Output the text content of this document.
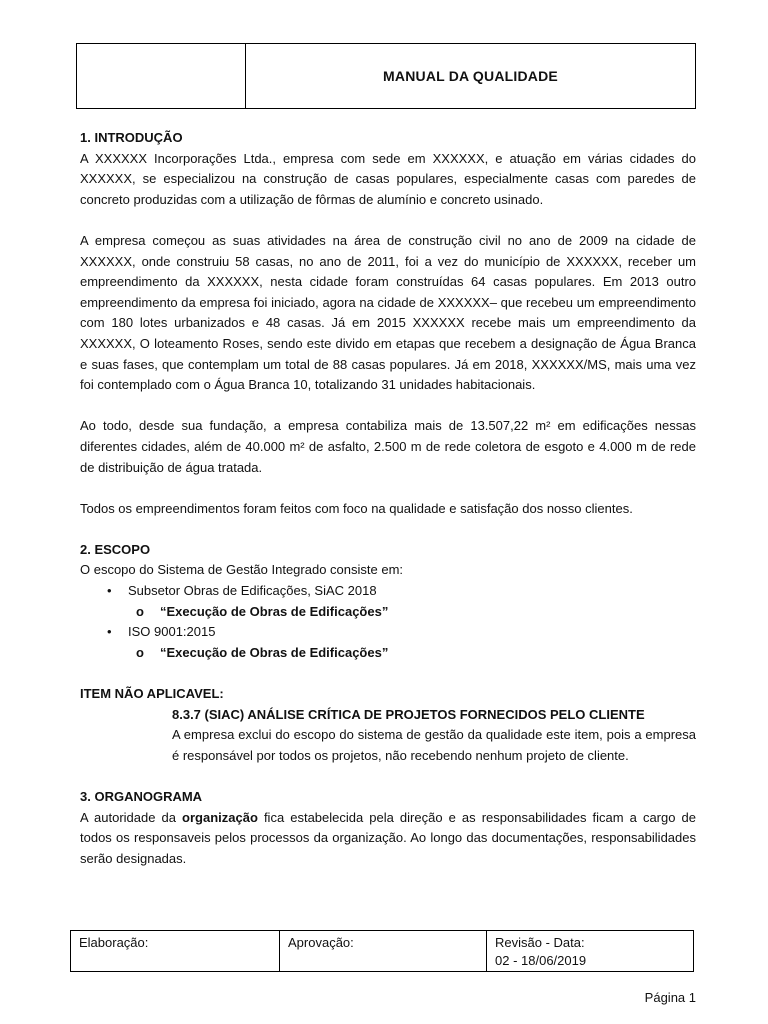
MANUAL DA QUALIDADE

1. INTRODUÇÃO

A XXXXXX Incorporações Ltda., empresa com sede em XXXXXX, e atuação em várias cidades do XXXXXX, se especializou na construção de casas populares, especialmente casas com paredes de concreto produzidas com a utilização de fôrmas de alumínio e concreto usinado.

A empresa começou as suas atividades na área de construção civil no ano de 2009 na cidade de XXXXXX, onde construiu 58 casas, no ano de 2011, foi a vez do município de XXXXXX, receber um empreendimento da XXXXXX, nesta cidade foram construídas 64 casas populares. Em 2013 outro empreendimento da empresa foi iniciado, agora na cidade de XXXXXX– que recebeu um empreendimento com 180 lotes urbanizados e 48 casas. Já em 2015 XXXXXX recebe mais um empreendimento da XXXXXX, O loteamento Roses, sendo este divido em etapas que recebem a designação de Água Branca e suas fases, que contemplam um total de 88 casas populares. Já em 2018, XXXXXX/MS, mais uma vez foi contemplado com o Água Branca 10, totalizando 31 unidades habitacionais.

Ao todo, desde sua fundação, a empresa contabiliza mais de 13.507,22 m² em edificações nessas diferentes cidades, além de 40.000 m² de asfalto, 2.500 m de rede coletora de esgoto e 4.000 m de rede de distribuição de água tratada.

Todos os empreendimentos foram feitos com foco na qualidade e satisfação dos nosso clientes.

2. ESCOPO

O escopo do Sistema de Gestão Integrado consiste em:

• Subsetor Obras de Edificações, SiAC 2018
o “Execução de Obras de Edificações”
• ISO 9001:2015
o “Execução de Obras de Edificações”

ITEM NÃO APLICAVEL:

8.3.7 (SIAC) ANÁLISE CRÍTICA DE PROJETOS FORNECIDOS PELO CLIENTE

A empresa exclui do escopo do sistema de gestão da qualidade este item, pois a empresa é responsável por todos os projetos, não recebendo nenhum projeto de cliente.

3. ORGANOGRAMA

A autoridade da organização fica estabelecida pela direção e as responsabilidades ficam a cargo de todos os responsaveis pelos processos da organização. Ao longo das documentações, responsabilidades serão designadas.

Elaboração:	Aprovação:	Revisão - Data:
02 - 18/06/2019
Página 1
